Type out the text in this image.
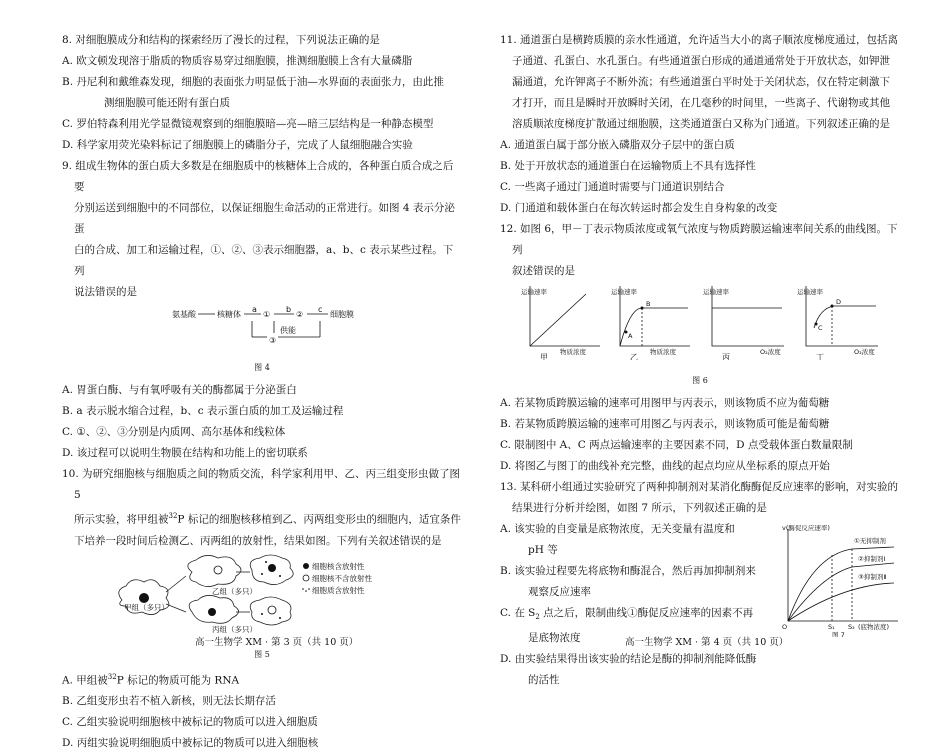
8. 对细胞膜成分和结构的探索经历了漫长的过程，下列说法正确的是

A. 欧文顿发现溶于脂质的物质容易穿过细胞膜，推测细胞膜上含有大量磷脂

B. 丹尼利和戴维森发现，细胞的表面张力明显低于油—水界面的表面张力，由此推

测细胞膜可能还附有蛋白质

C. 罗伯特森利用光学显微镜观察到的细胞膜暗—亮—暗三层结构是一种静态模型

D. 科学家用荧光染料标记了细胞膜上的磷脂分子，完成了人鼠细胞融合实验

9. 组成生物体的蛋白质大多数是在细胞质中的核糖体上合成的，各种蛋白质合成之后要

分别运送到细胞中的不同部位，以保证细胞生命活动的正常进行。如图 4 表示分泌蛋

白的合成、加工和运输过程，①、②、③表示细胞器，a、b、c 表示某些过程。下列

说法错误的是

氨基酸	核糖体
a
①
b
②
c
细胞膜
供能
③
图 4

A. 胃蛋白酶、与有氧呼吸有关的酶都属于分泌蛋白

B. a 表示脱水缩合过程，b、c 表示蛋白质的加工及运输过程

C. ①、②、③分别是内质网、高尔基体和线粒体

D. 该过程可以说明生物膜在结构和功能上的密切联系

10. 为研究细胞核与细胞质之间的物质交流，科学家利用甲、乙、丙三组变形虫做了图 5

所示实验，将甲组被$^{32}$P 标记的细胞核移植到乙、丙两组变形虫的细胞内，适宜条件

下培养一段时间后检测乙、丙两组的放射性，结果如图。下列有关叙述错误的是

乙组（多只）
甲组（多只）
丙组（多只）
细胞核含放射性
细胞核不含放射性
细胞质含放射性
图 5

A. 甲组被$^{32}$P 标记的物质可能为 RNA

B. 乙组变形虫若不植入新核，则无法长期存活

C. 乙组实验说明细胞核中被标记的物质可以进入细胞质

D. 丙组实验说明细胞质中被标记的物质可以进入细胞核

高一生物学 XM · 第 3 页（共 10 页）

11. 通道蛋白是横跨质膜的亲水性通道，允许适当大小的离子顺浓度梯度通过，包括离

子通道、孔蛋白、水孔蛋白。有些通道蛋白形成的通道通常处于开放状态，如钾泄

漏通道，允许钾离子不断外流；有些通道蛋白平时处于关闭状态，仅在特定刺激下

才打开，而且是瞬时开放瞬时关闭，在几毫秒的时间里，一些离子、代谢物或其他

溶质顺浓度梯度扩散通过细胞膜，这类通道蛋白又称为门通道。下列叙述正确的是

A. 通道蛋白属于部分嵌入磷脂双分子层中的蛋白质

B. 处于开放状态的通道蛋白在运输物质上不具有选择性

C. 一些离子通过门通道时需要与门通道识别结合

D. 门通道和载体蛋白在每次转运时都会发生自身构象的改变

12. 如图 6，甲－丁表示物质浓度或氧气浓度与物质跨膜运输速率间关系的曲线图。下列

叙述错误的是

运输速率	运输速率	运输速率	运输速率
物质浓度	物质浓度	O₂浓度	O₂浓度
A
B
C
D
甲	乙	丙	丁
图 6

A. 若某物质跨膜运输的速率可用图甲与丙表示，则该物质不应为葡萄糖

B. 若某物质跨膜运输的速率可用图乙与丙表示，则该物质可能是葡萄糖

C. 限制图中 A、C 两点运输速率的主要因素不同，D 点受载体蛋白数量限制

D. 将图乙与图丁的曲线补充完整，曲线的起点均应从坐标系的原点开始

13. 某科研小组通过实验研究了两种抑制剂对某消化酶酶促反应速率的影响，对实验的

结果进行分析并绘图，如图 7 所示，下列叙述正确的是

A. 该实验的自变量是底物浓度，无关变量有温度和

pH 等

B. 该实验过程要先将底物和酶混合，然后再加抑制剂来

观察反应速率

C. 在 $S_2$ 点之后，限制曲线①酶促反应速率的因素不再

是底物浓度

D. 由实验结果得出该实验的结论是酶的抑制剂能降低酶

的活性

v(酶促反应速率)
O	S₁ S₂ (底物浓度)
①无抑制剂
②抑制剂Ⅰ
③抑制剂Ⅱ
图 7
高一生物学 XM · 第 4 页（共 10 页）
